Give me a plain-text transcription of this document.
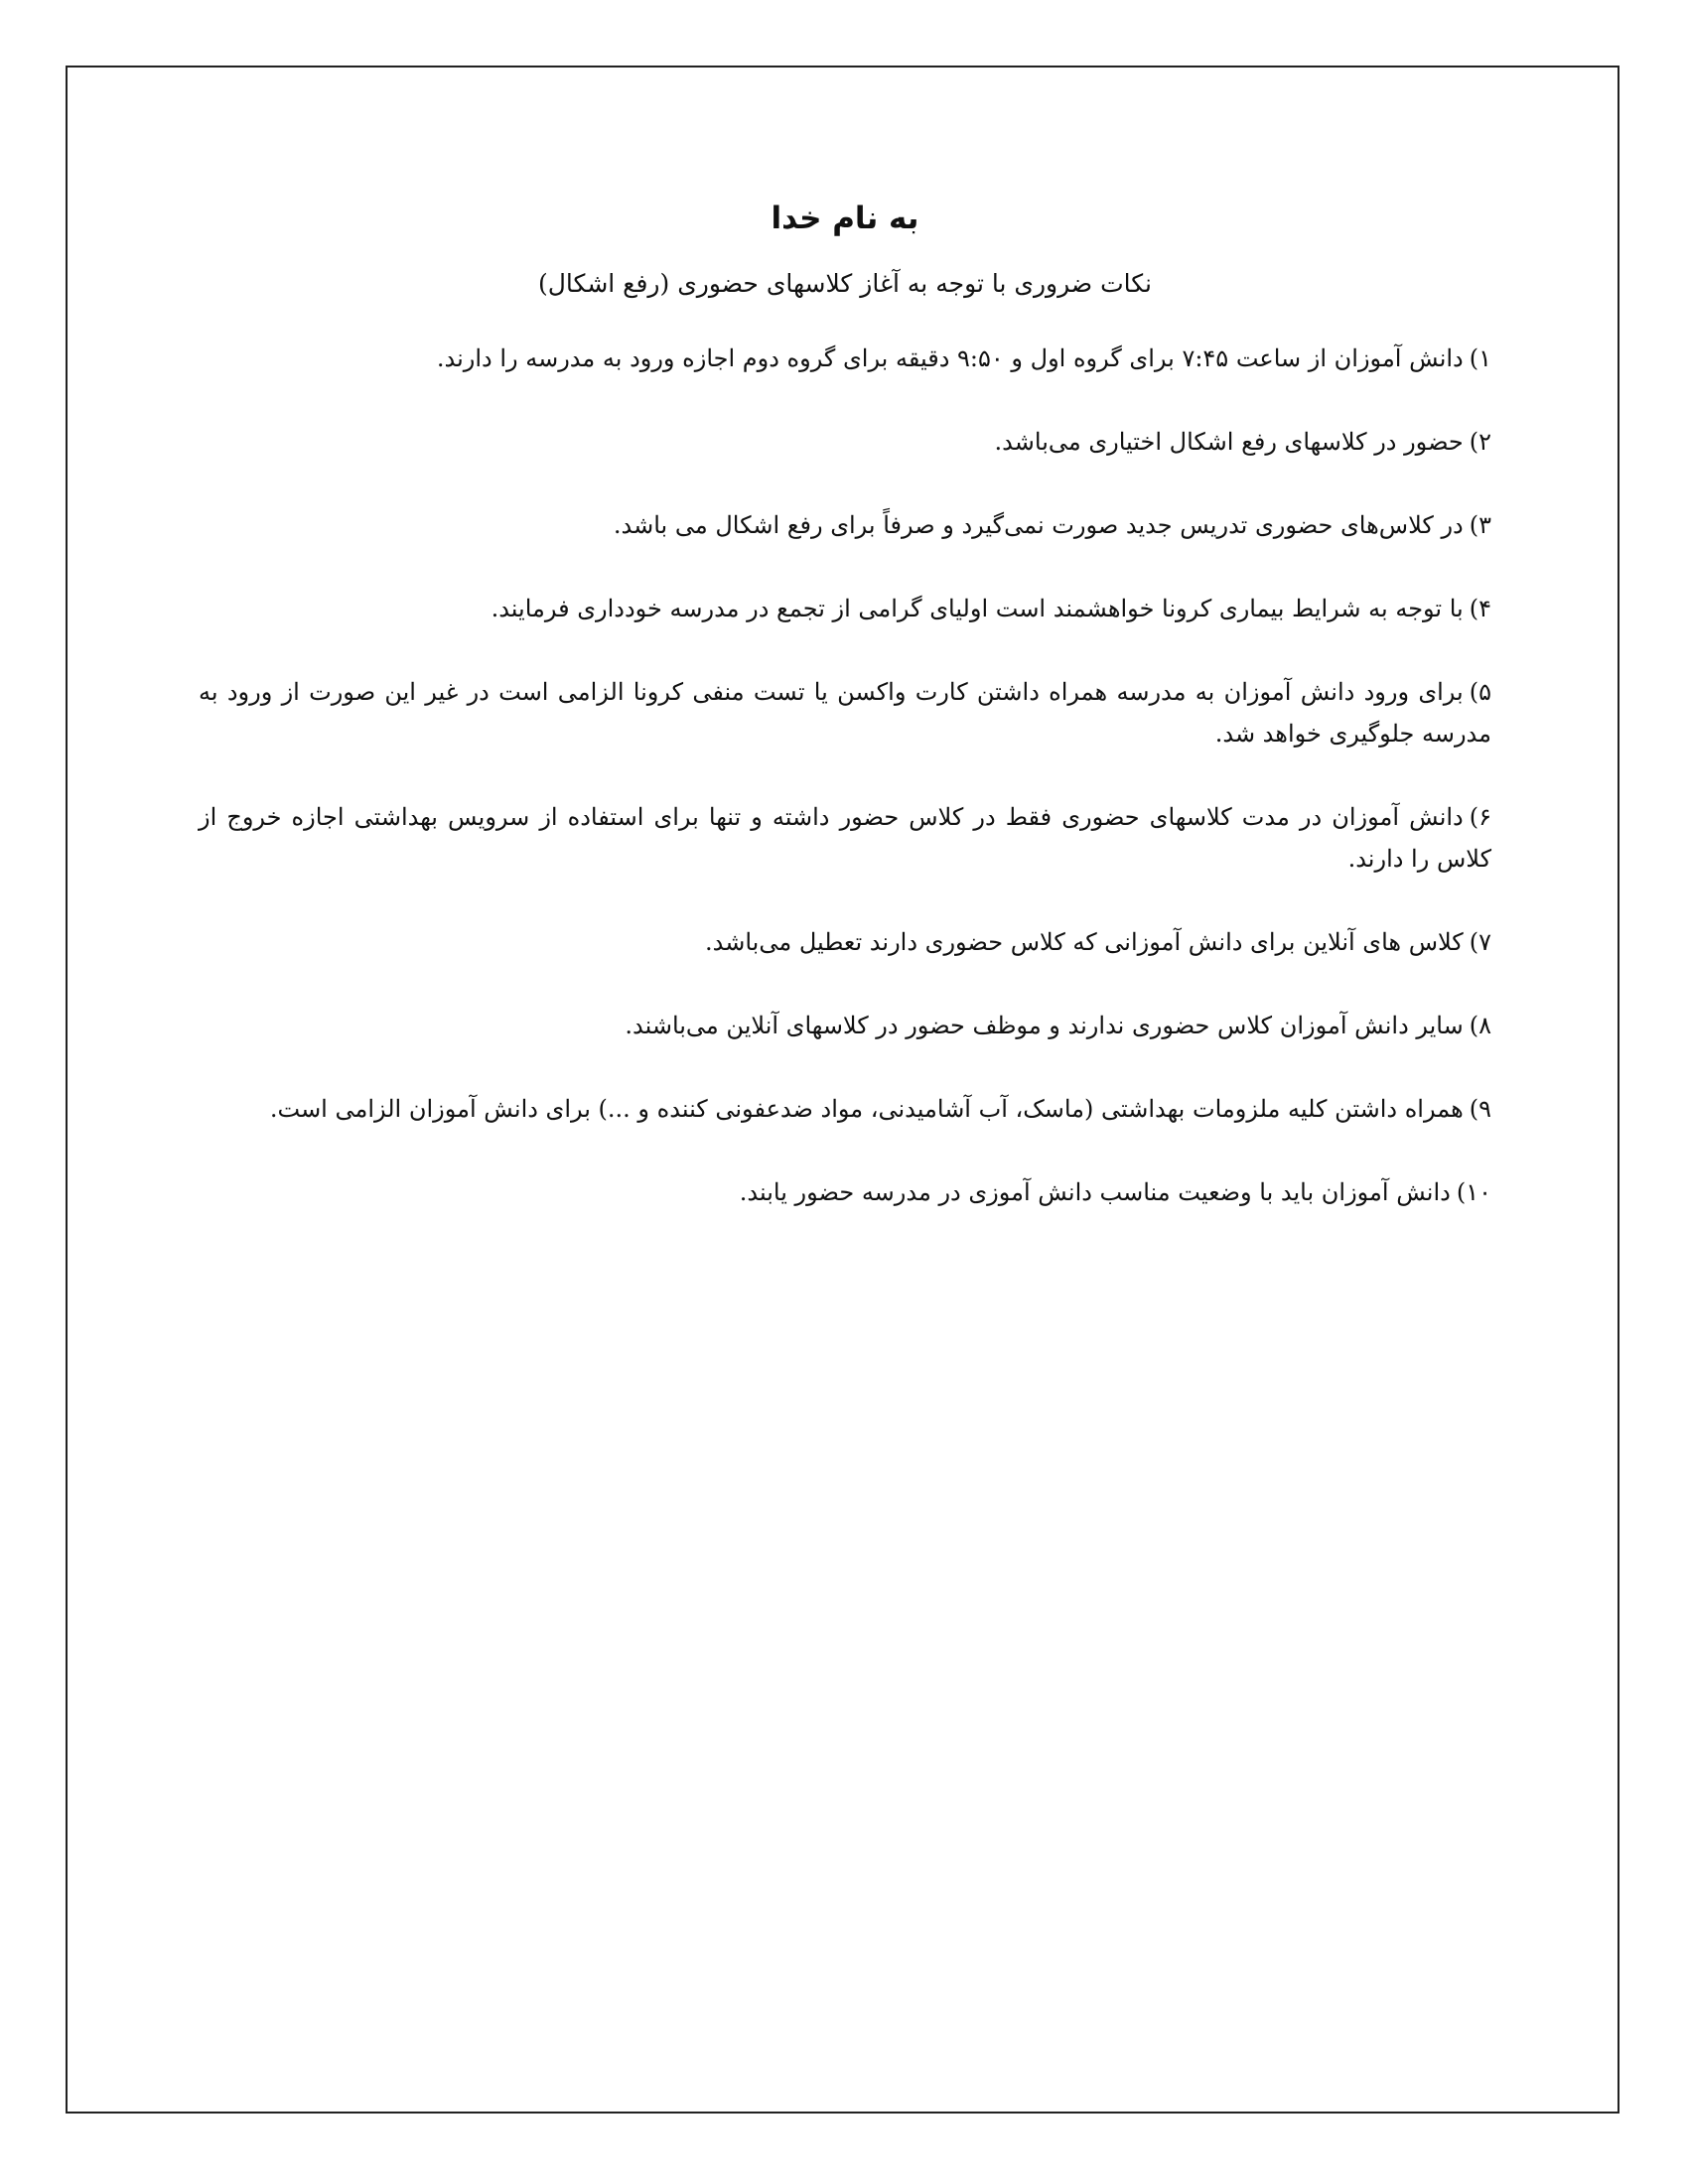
به نام خدا

نکات ضروری با توجه به آغاز کلاسهای حضوری (رفع اشکال)

۱)دانش آموزان از ساعت ۷:۴۵ برای گروه اول و ۹:۵۰ دقیقه برای گروه دوم اجازه ورود به مدرسه را دارند.
۲)حضور در کلاسهای رفع اشکال اختیاری می‌باشد.
۳)در کلاس‌های حضوری تدریس جدید صورت نمی‌گیرد و صرفاً برای رفع اشکال می باشد.
۴)با توجه به شرایط بیماری کرونا خواهشمند است اولیای گرامی از تجمع در مدرسه خودداری فرمایند.
۵)برای ورود دانش آموزان به مدرسه همراه داشتن کارت واکسن یا تست منفی کرونا الزامی است در غیر این صورت از ورود به مدرسه جلوگیری خواهد شد.
۶)دانش آموزان در مدت کلاسهای حضوری فقط در کلاس حضور داشته و تنها برای استفاده از سرویس بهداشتی اجازه خروج از کلاس را دارند.
۷)کلاس های آنلاین برای دانش آموزانی که کلاس حضوری دارند تعطیل می‌باشد.
۸)سایر دانش آموزان کلاس حضوری ندارند و موظف حضور در کلاسهای آنلاین می‌باشند.
۹)همراه داشتن کلیه ملزومات بهداشتی (ماسک، آب آشامیدنی، مواد ضدعفونی کننده و ...) برای دانش آموزان الزامی است.
۱۰)دانش آموزان باید با وضعیت مناسب دانش آموزی در مدرسه حضور یابند.
